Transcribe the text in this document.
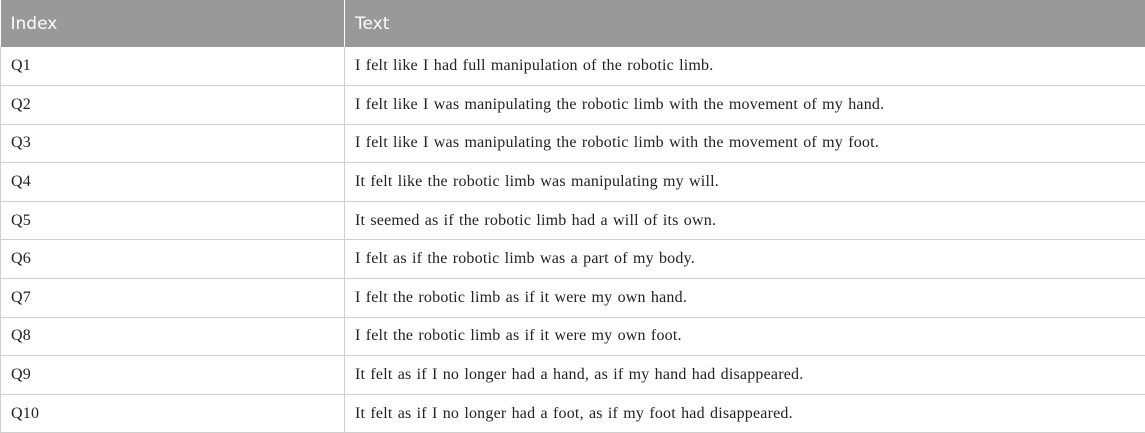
Index	Text
Q1	I felt like I had full manipulation of the robotic limb.
Q2	I felt like I was manipulating the robotic limb with the movement of my hand.
Q3	I felt like I was manipulating the robotic limb with the movement of my foot.
Q4	It felt like the robotic limb was manipulating my will.
Q5	It seemed as if the robotic limb had a will of its own.
Q6	I felt as if the robotic limb was a part of my body.
Q7	I felt the robotic limb as if it were my own hand.
Q8	I felt the robotic limb as if it were my own foot.
Q9	It felt as if I no longer had a hand, as if my hand had disappeared.
Q10	It felt as if I no longer had a foot, as if my foot had disappeared.
